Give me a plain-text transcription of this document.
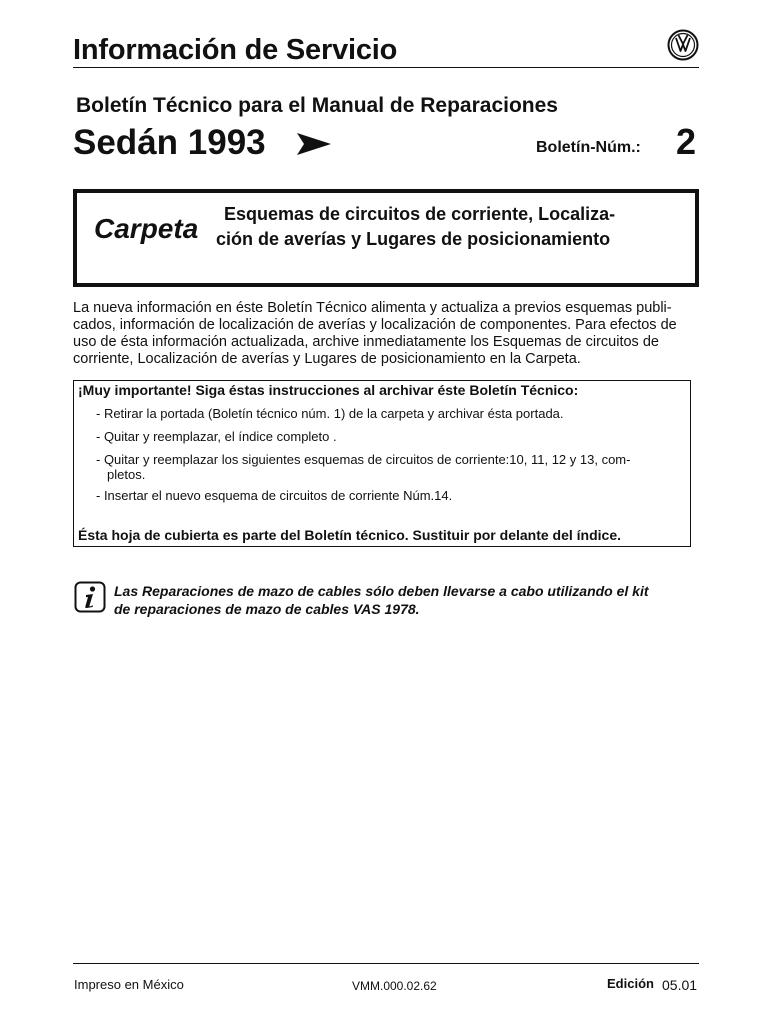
Información de Servicio
Boletín Técnico para el Manual de Reparaciones
Sedán 1993	Boletín-Núm.: 2
Carpeta Esquemas de circuitos de corriente, Localiza-
ción de averías y Lugares de posicionamiento
La nueva información en éste Boletín Técnico alimenta y actualiza a previos esquemas publi-
cados, información de localización de averías y localización de componentes. Para efectos de
uso de ésta información actualizada, archive inmediatamente los Esquemas de circuitos de
corriente, Localización de averías y Lugares de posicionamiento en la Carpeta.
¡Muy importante! Siga éstas instrucciones al archivar éste Boletín Técnico:
- Retirar la portada (Boletín técnico núm. 1) de la carpeta y archivar ésta portada.
- Quitar y reemplazar, el índice completo .
- Quitar y reemplazar los siguientes esquemas de circuitos de corriente:10, 11, 12 y 13, com-
pletos.
- Insertar el nuevo esquema de circuitos de corriente Núm.14.
Ésta hoja de cubierta es parte del Boletín técnico. Sustituir por delante del índice.
Las Reparaciones de mazo de cables sólo deben llevarse a cabo utilizando el kit
de reparaciones de mazo de cables VAS 1978.
Impreso en México	VMM.000.02.62	Edición 05.01
